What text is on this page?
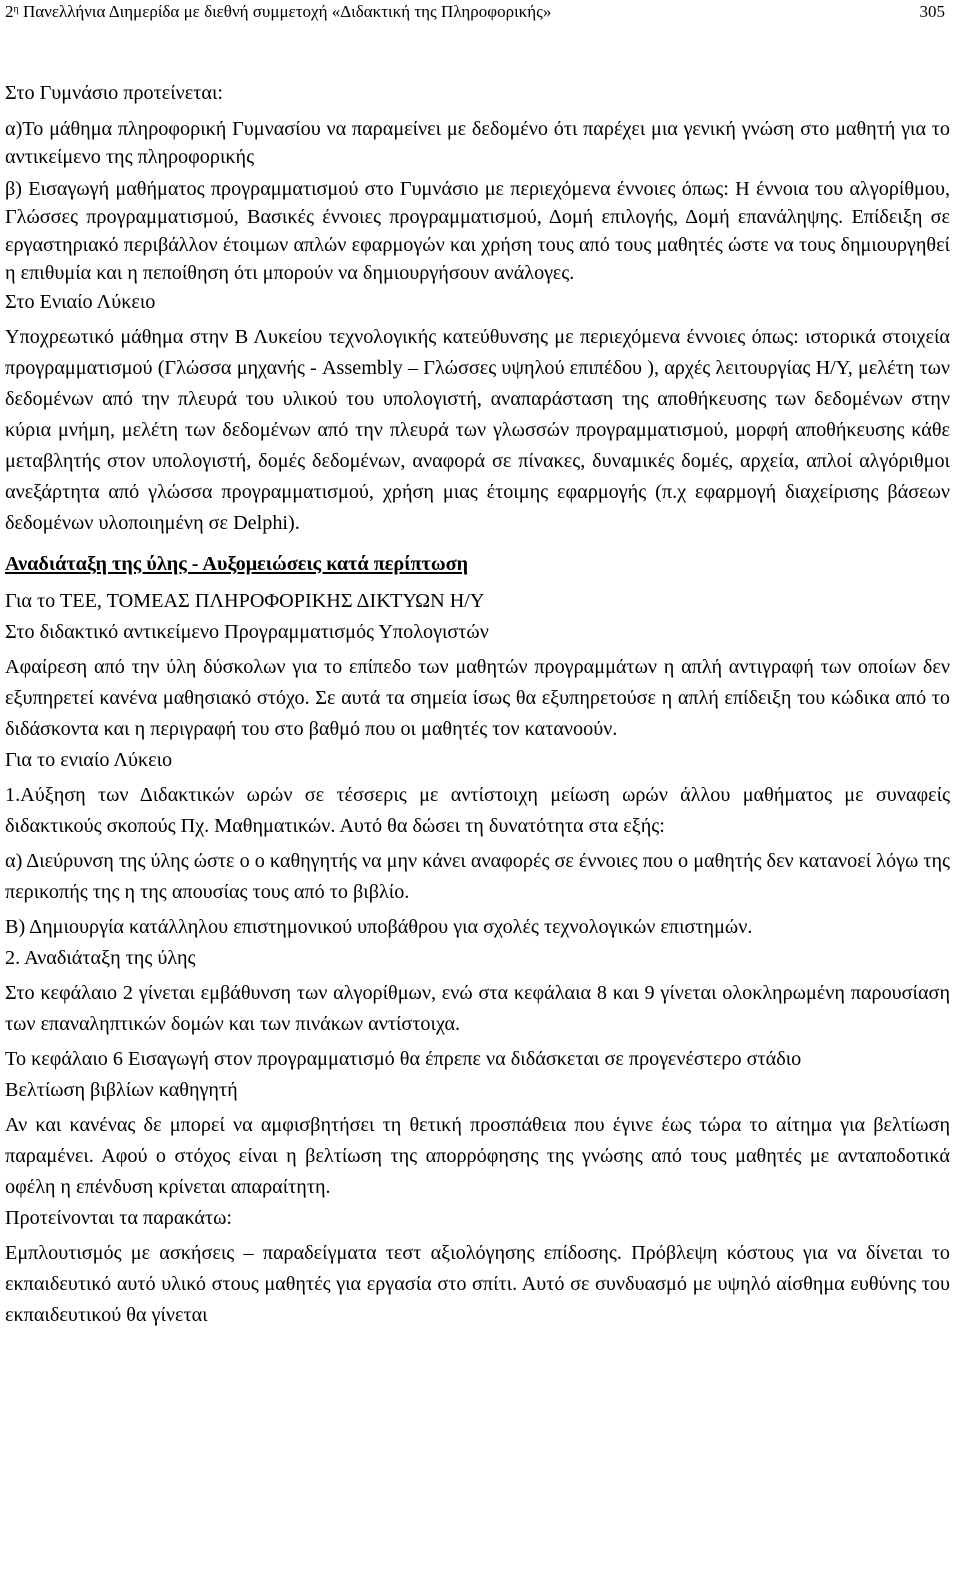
$2^\eta$ Πανελλήνια Διημερίδα με διεθνή συμμετοχή «Διδακτική της Πληροφορικής»	305

Στο Γυμνάσιο προτείνεται:

α)Το μάθημα πληροφορική Γυμνασίου να παραμείνει με δεδομένο ότι παρέχει μια γενική γνώση στο μαθητή για το αντικείμενο της πληροφορικής

β) Εισαγωγή μαθήματος προγραμματισμού στο Γυμνάσιο με περιεχόμενα έννοιες όπως: Η έννοια του αλγορίθμου, Γλώσσες προγραμματισμού, Βασικές έννοιες προγραμματισμού, Δομή επιλογής, Δομή επανάληψης. Επίδειξη σε εργαστηριακό περιβάλλον έτοιμων απλών εφαρμογών και χρήση τους από τους μαθητές ώστε να τους δημιουργηθεί η επιθυμία και η πεποίθηση ότι μπορούν να δημιουργήσουν ανάλογες.

Στο Ενιαίο Λύκειο

Υποχρεωτικό μάθημα στην Β Λυκείου τεχνολογικής κατεύθυνσης με περιεχόμενα έννοιες όπως: ιστορικά στοιχεία προγραμματισμού (Γλώσσα μηχανής - Assembly – Γλώσσες υψηλού επιπέδου ), αρχές λειτουργίας Η/Υ, μελέτη των δεδομένων από την πλευρά του υλικού του υπολογιστή, αναπαράσταση της αποθήκευσης των δεδομένων στην κύρια μνήμη, μελέτη των δεδομένων από την πλευρά των γλωσσών προγραμματισμού, μορφή αποθήκευσης κάθε μεταβλητής στον υπολογιστή, δομές δεδομένων, αναφορά σε πίνακες, δυναμικές δομές, αρχεία, απλοί αλγόριθμοι ανεξάρτητα από γλώσσα προγραμματισμού, χρήση μιας έτοιμης εφαρμογής (π.χ εφαρμογή διαχείρισης βάσεων δεδομένων υλοποιημένη σε Delphi).

Αναδιάταξη της ύλης - Αυξομειώσεις κατά περίπτωση

Για το ΤΕΕ, ΤΟΜΕΑΣ ΠΛΗΡΟΦΟΡΙΚΗΣ ΔΙΚΤΥΩΝ Η/Υ

Στο διδακτικό αντικείμενο Προγραμματισμός Υπολογιστών

Αφαίρεση από την ύλη δύσκολων για το επίπεδο των μαθητών προγραμμάτων η απλή αντιγραφή των οποίων δεν εξυπηρετεί κανένα μαθησιακό στόχο. Σε αυτά τα σημεία ίσως θα εξυπηρετούσε η απλή επίδειξη του κώδικα από το διδάσκοντα και η περιγραφή του στο βαθμό που οι μαθητές τον κατανοούν.

Για το ενιαίο Λύκειο

1.Αύξηση των Διδακτικών ωρών σε τέσσερις με αντίστοιχη μείωση ωρών άλλου μαθήματος με συναφείς διδακτικούς σκοπούς Πχ. Μαθηματικών. Αυτό θα δώσει τη δυνατότητα στα εξής:

α) Διεύρυνση της ύλης ώστε ο ο καθηγητής να μην κάνει αναφορές σε έννοιες που ο μαθητής δεν κατανοεί λόγω της περικοπής της η της απουσίας τους από το βιβλίο.

Β) Δημιουργία κατάλληλου επιστημονικού υποβάθρου για σχολές τεχνολογικών επιστημών.

2. Αναδιάταξη της ύλης

Στο κεφάλαιο 2 γίνεται εμβάθυνση των αλγορίθμων, ενώ στα κεφάλαια 8 και 9 γίνεται ολοκληρωμένη παρουσίαση των επαναληπτικών δομών και των πινάκων αντίστοιχα.

Το κεφάλαιο 6 Εισαγωγή στον προγραμματισμό θα έπρεπε να διδάσκεται σε προγενέστερο στάδιο

Βελτίωση βιβλίων καθηγητή

Αν και κανένας δε μπορεί να αμφισβητήσει τη θετική προσπάθεια που έγινε έως τώρα το αίτημα για βελτίωση παραμένει. Αφού ο στόχος είναι η βελτίωση της απορρόφησης της γνώσης από τους μαθητές με ανταποδοτικά οφέλη η επένδυση κρίνεται απαραίτητη.

Προτείνονται τα παρακάτω:

Εμπλουτισμός με ασκήσεις – παραδείγματα τεστ αξιολόγησης επίδοσης. Πρόβλεψη κόστους για να δίνεται το εκπαιδευτικό αυτό υλικό στους μαθητές για εργασία στο σπίτι. Αυτό σε συνδυασμό με υψηλό αίσθημα ευθύνης του εκπαιδευτικού θα γίνεται
